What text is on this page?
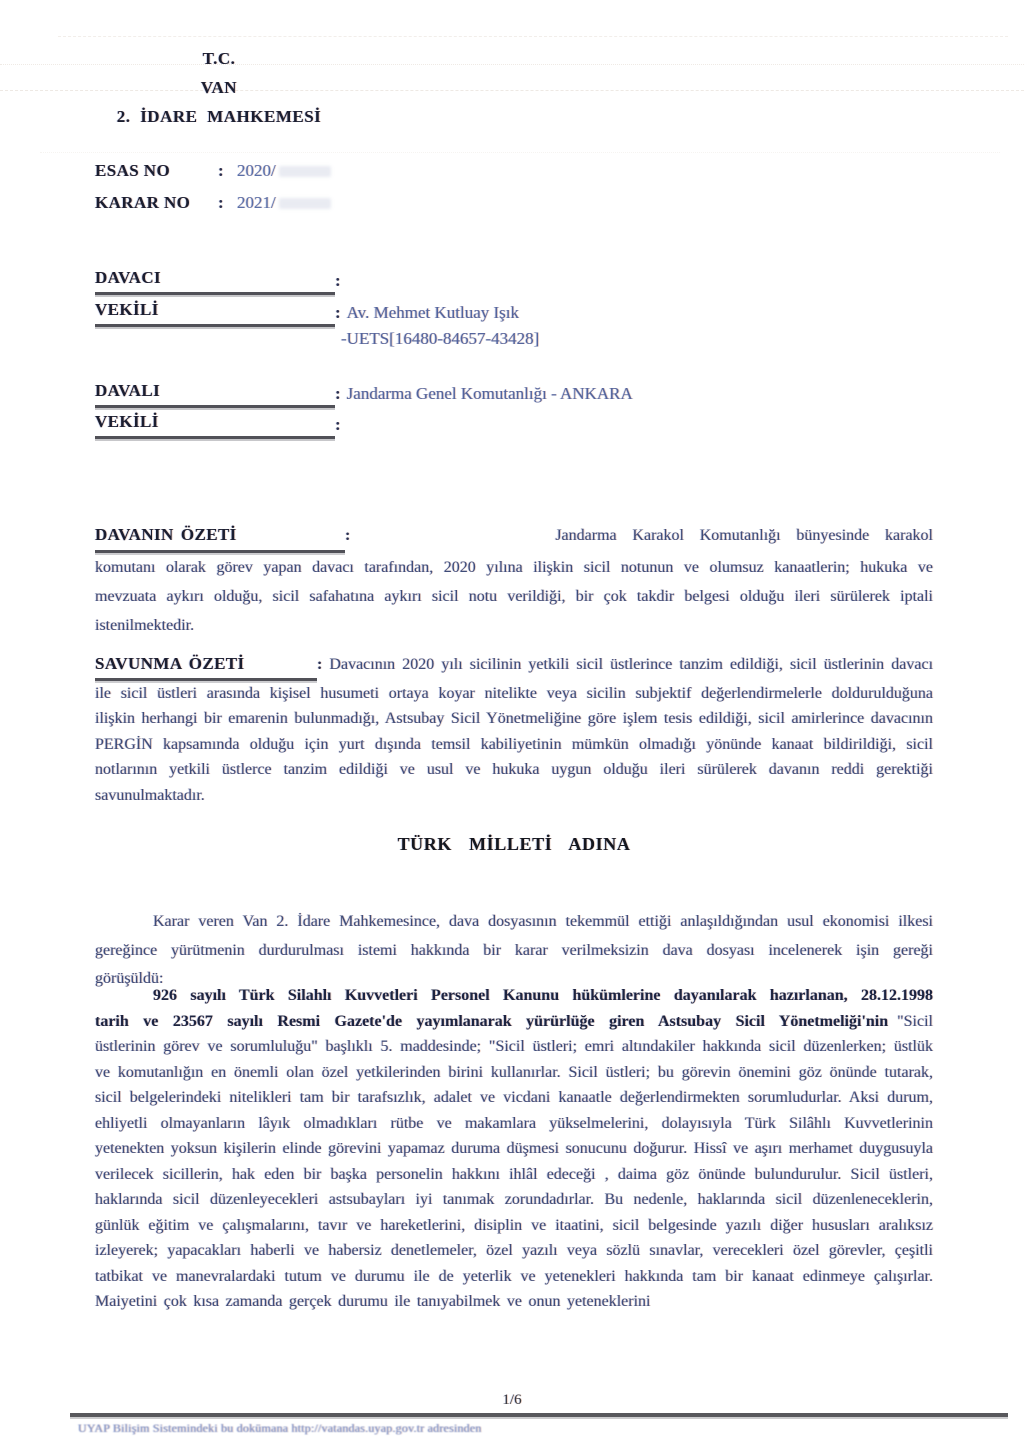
T.C.
VAN
2. İDARE MAHKEMESİ
ESAS NO	: 2020/
KARAR NO	: 2021/
DAVACI	:
VEKİLİ	: Av. Mehmet Kutluay Işık
-UETS[16480-84657-43428]
DAVALI	: Jandarma Genel Komutanlığı - ANKARA
VEKİLİ	:

DAVANIN ÖZETİ	:	Jandarma Karakol Komutanlığı bünyesinde karakol komutanı olarak görev yapan davacı tarafından, 2020 yılına ilişkin sicil notunun ve olumsuz kanaatlerin; hukuka ve mevzuata aykırı olduğu, sicil safahatına aykırı sicil notu verildiği, bir çok takdir belgesi olduğu ileri sürülerek iptali istenilmektedir.

SAVUNMA ÖZETİ	: Davacının 2020 yılı sicilinin yetkili sicil üstlerince tanzim edildiği, sicil üstlerinin davacı ile sicil üstleri arasında kişisel husumeti ortaya koyar nitelikte veya sicilin subjektif değerlendirmelerle doldurulduğuna ilişkin herhangi bir emarenin bulunmadığı, Astsubay Sicil Yönetmeliğine göre işlem tesis edildiği, sicil amirlerince davacının PERGİN kapsamında olduğu için yurt dışında temsil kabiliyetinin mümkün olmadığı yönünde kanaat bildirildiği, sicil notlarının yetkili üstlerce tanzim edildiği ve usul ve hukuka uygun olduğu ileri sürülerek davanın reddi gerektiği savunulmaktadır.

TÜRK MİLLETİ ADINA

Karar veren Van 2. İdare Mahkemesince, dava dosyasının tekemmül ettiği anlaşıldığından usul ekonomisi ilkesi gereğince yürütmenin durdurulması istemi hakkında bir karar verilmeksizin dava dosyası incelenerek işin gereği görüşüldü:

926 sayılı Türk Silahlı Kuvvetleri Personel Kanunu hükümlerine dayanılarak hazırlanan, 28.12.1998 tarih ve 23567 sayılı Resmi Gazete'de yayımlanarak yürürlüğe giren Astsubay Sicil Yönetmeliği'nin "Sicil üstlerinin görev ve sorumluluğu" başlıklı 5. maddesinde; "Sicil üstleri; emri altındakiler hakkında sicil düzenlerken; üstlük ve komutanlığın en önemli olan özel yetkilerinden birini kullanırlar. Sicil üstleri; bu görevin önemini göz önünde tutarak, sicil belgelerindeki nitelikleri tam bir tarafsızlık, adalet ve vicdani kanaatle değerlendirmekten sorumludurlar. Aksi durum, ehliyetli olmayanların lâyık olmadıkları rütbe ve makamlara yükselmelerini, dolayısıyla Türk Silâhlı Kuvvetlerinin yetenekten yoksun kişilerin elinde görevini yapamaz duruma düşmesi sonucunu doğurur. Hissî ve aşırı merhamet duygusuyla verilecek sicillerin, hak eden bir başka personelin hakkını ihlâl edeceği , daima göz önünde bulundurulur. Sicil üstleri, haklarında sicil düzenleyecekleri astsubayları iyi tanımak zorundadırlar. Bu nedenle, haklarında sicil düzenleneceklerin, günlük eğitim ve çalışmalarını, tavır ve hareketlerini, disiplin ve itaatini, sicil belgesinde yazılı diğer hususları aralıksız izleyerek; yapacakları haberli ve habersiz denetlemeler, özel yazılı veya sözlü sınavlar, verecekleri özel görevler, çeşitli tatbikat ve manevralardaki tutum ve durumu ile de yeterlik ve yetenekleri hakkında tam bir kanaat edinmeye çalışırlar. Maiyetini çok kısa zamanda gerçek durumu ile tanıyabilmek ve onun yeteneklerini

1/6
UYAP Bilişim Sistemindeki bu dokümana http://vatandas.uyap.gov.tr adresinden
